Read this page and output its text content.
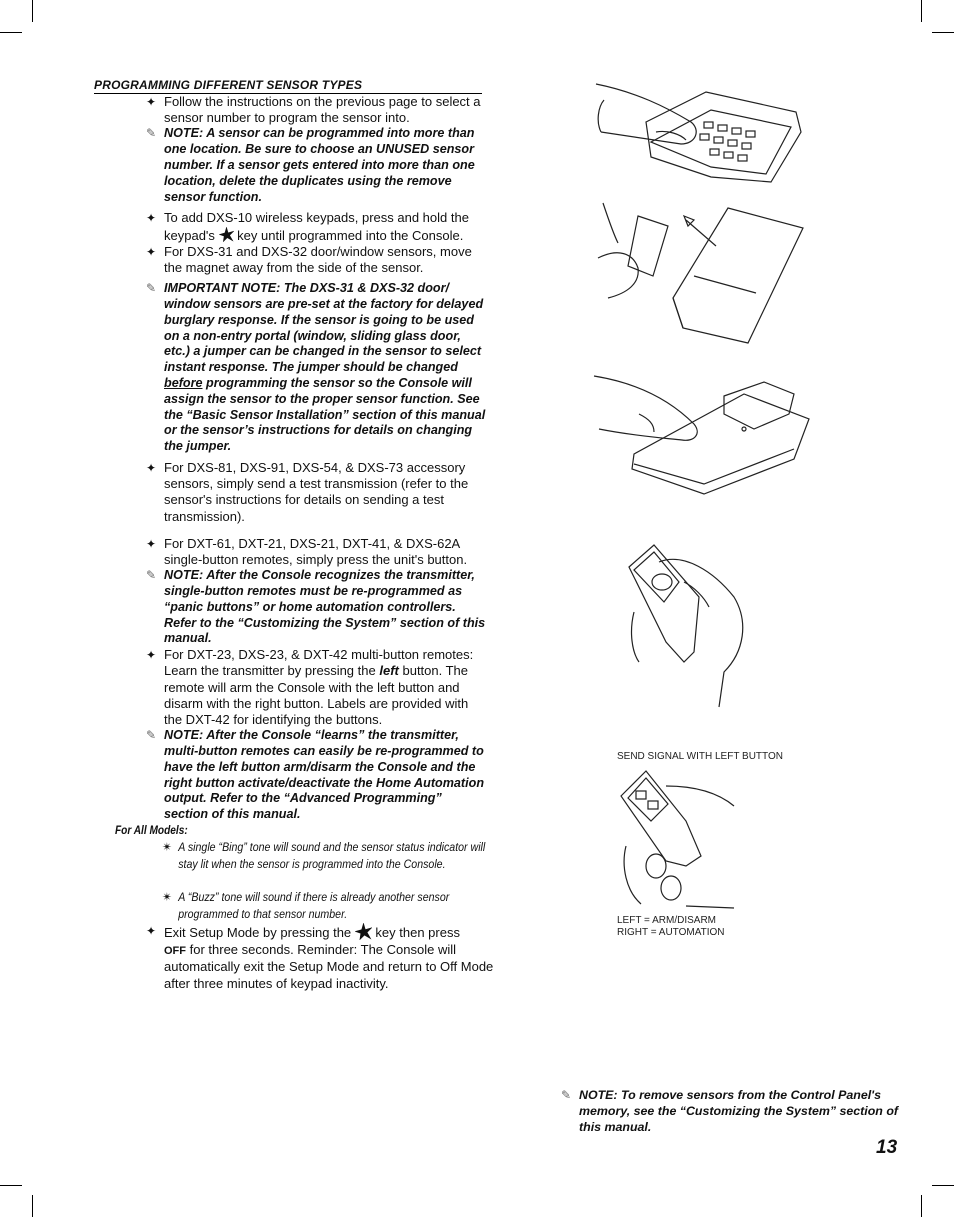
PROGRAMMING DIFFERENT SENSOR TYPES
✦ Follow the instructions on the previous page to select a sensor number to program the sensor into.
✎ NOTE: A sensor can be programmed into more than one location. Be sure to choose an UNUSED sensor number. If a sensor gets entered into more than one location, delete the duplicates using the remove sensor function.
✦ To add DXS-10 wireless keypads, press and hold the keypad's key until programmed into the Console.
✦ For DXS-31 and DXS-32 door/window sensors, move the magnet away from the side of the sensor.
✎ IMPORTANT NOTE: The DXS-31 & DXS-32 door/ window sensors are pre-set at the factory for delayed burglary response. If the sensor is going to be used on a non-entry portal (window, sliding glass door, etc.) a jumper can be changed in the sensor to select instant response. The jumper should be changed before programming the sensor so the Console will assign the sensor to the proper sensor function. See the “Basic Sensor Installation” section of this manual or the sensor’s instructions for details on changing the jumper.
✦ For DXS-81, DXS-91, DXS-54, & DXS-73 accessory sensors, simply send a test transmission (refer to the sensor's instructions for details on sending a test transmission).
✦ For DXT-61, DXT-21, DXS-21, DXT-41, & DXS-62A single-button remotes, simply press the unit's button.
✎ NOTE: After the Console recognizes the transmitter, single-button remotes must be re-programmed as “panic buttons” or home automation controllers. Refer to the “Customizing the System” section of this manual.
✦ For DXT-23, DXS-23, & DXT-42 multi-button remotes: Learn the transmitter by pressing the left button. The remote will arm the Console with the left button and disarm with the right button. Labels are provided with the DXT-42 for identifying the buttons.
✎ NOTE: After the Console “learns” the transmitter, multi-button remotes can easily be re-programmed to have the left button arm/disarm the Console and the right button activate/deactivate the Home Automation output. Refer to the “Advanced Programming” section of this manual.
For All Models:
✴ A single “Bing” tone will sound and the sensor status indicator will stay lit when the sensor is programmed into the Console.
✴ A “Buzz” tone will sound if there is already another sensor programmed to that sensor number.
✦ Exit Setup Mode by pressing the key then press
OFF for three seconds. Reminder: The Console will automatically exit the Setup Mode and return to Off Mode after three minutes of keypad inactivity.
SEND SIGNAL WITH LEFT BUTTON
LEFT = ARM/DISARM
RIGHT = AUTOMATION
✎ NOTE: To remove sensors from the Control Panel's memory, see the “Customizing the System” section of this manual.
13
